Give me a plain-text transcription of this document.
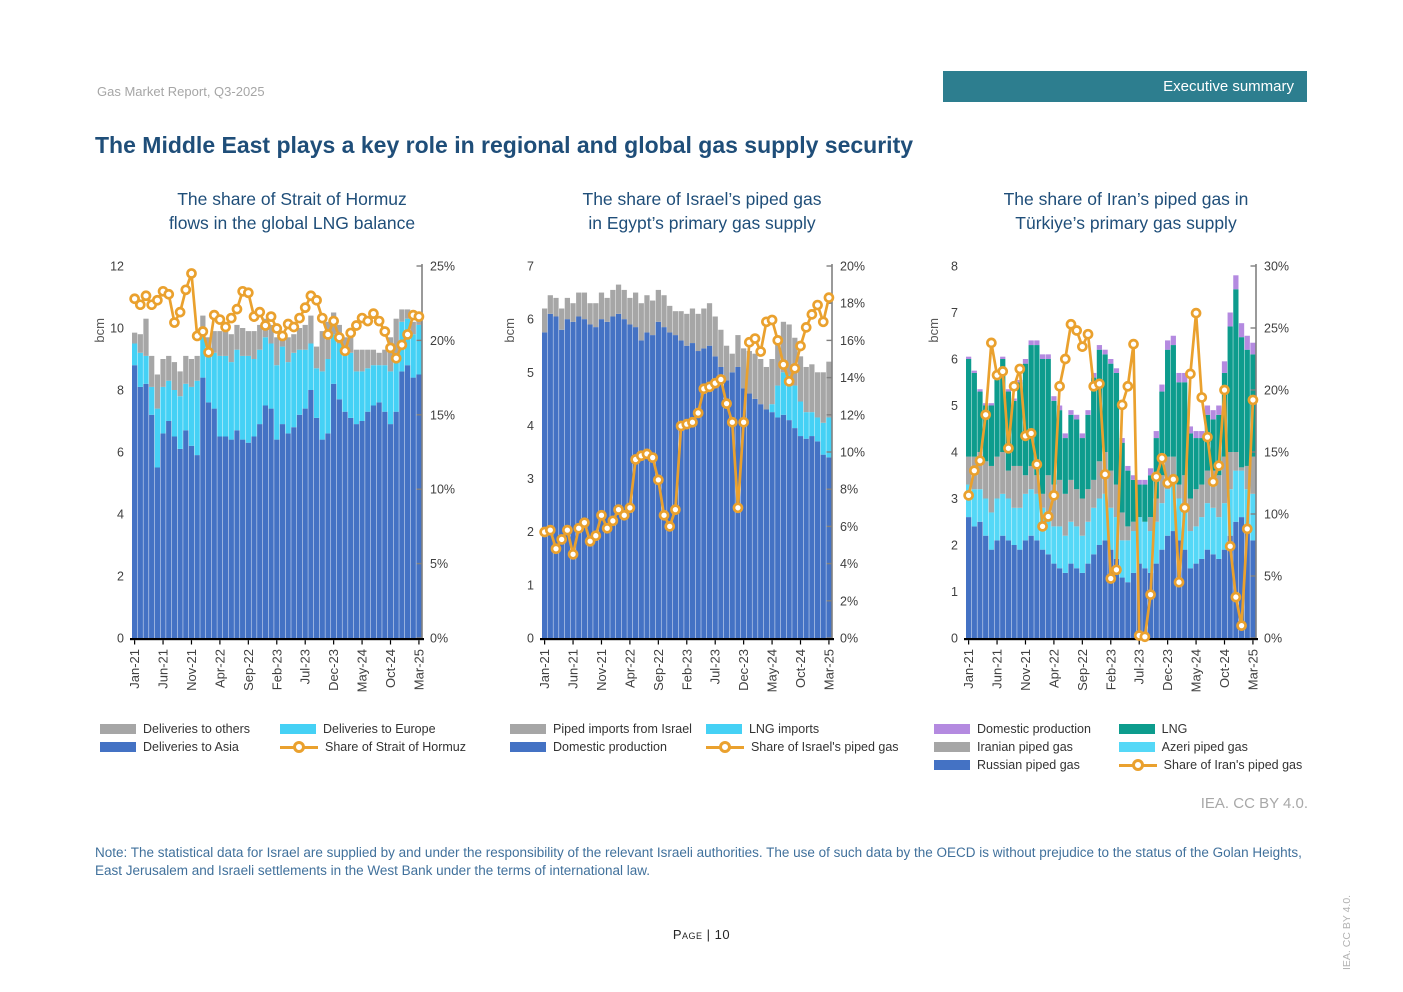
Gas Market Report, Q3-2025	Executive summary
The Middle East plays a key role in regional and global gas supply security
The share of Strait of Hormuz
flows in the global LNG balance
0
2
4
6
8
10
12
bcm
0%
5%
10%
15%
20%
25%
Jan-21 Jun-21 Nov-21 Apr-22 Sep-22 Feb-23 Jul-23 Dec-23 May-24 Oct-24 Mar-25
Deliveries to others
Deliveries to Asia
Deliveries to Europe
Share of Strait of Hormuz
The share of Israel’s piped gas
in Egypt’s primary gas supply
0
1
2
3
4
5
6
7
bcm
0%
2%
4%
6%
8%
10%
12%
14%
16%
18%
20%
Jan-21 Jun-21 Nov-21 Apr-22 Sep-22 Feb-23 Jul-23 Dec-23 May-24 Oct-24 Mar-25
Piped imports from Israel
Domestic production
LNG imports
Share of Israel's piped gas
The share of Iran’s piped gas in
Türkiye’s primary gas supply
0
1
2
3
4
5
6
7
8
bcm
0%
5%
10%
15%
20%
25%
30%
Jan-21 Jun-21 Nov-21 Apr-22 Sep-22 Feb-23 Jul-23 Dec-23 May-24 Oct-24 Mar-25
Domestic production
Iranian piped gas
Russian piped gas
LNG
Azeri piped gas
Share of Iran's piped gas
IEA. CC BY 4.0.
Note: The statistical data for Israel are supplied by and under the responsibility of the relevant Israeli authorities. The use of such data by the OECD is without prejudice to the status of the Golan Heights, East Jerusalem and Israeli settlements in the West Bank under the terms of international law.
Page | 10	IEA. CC BY 4.0.
